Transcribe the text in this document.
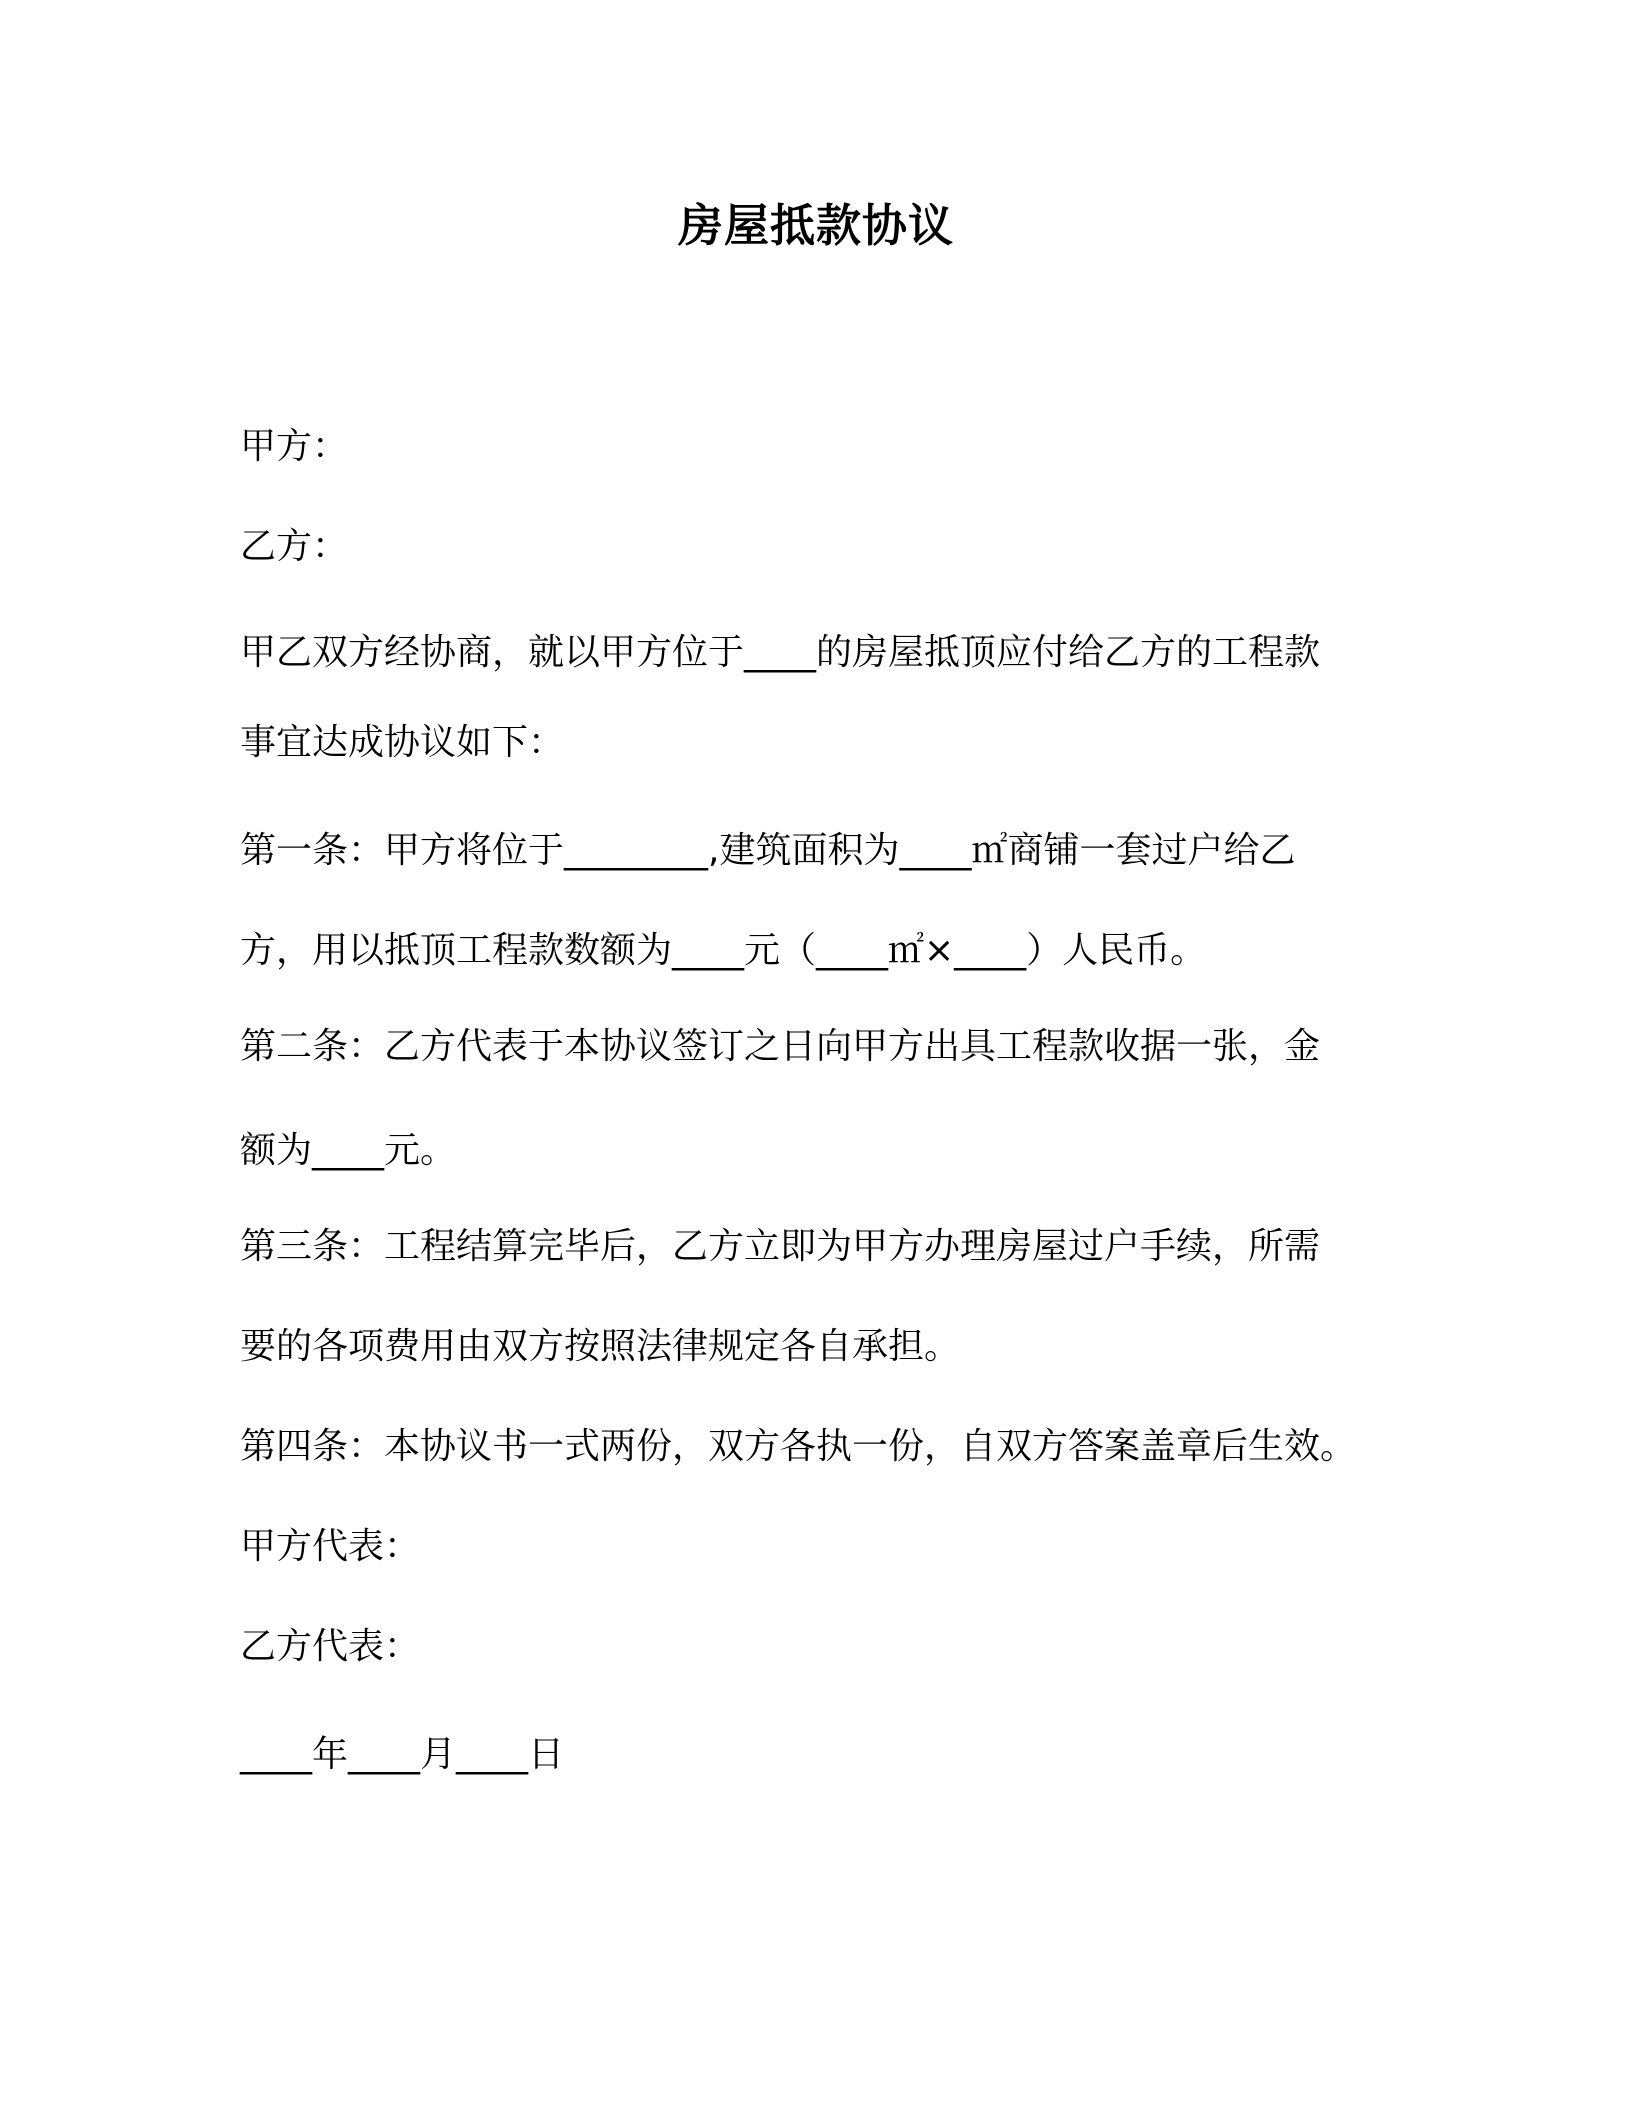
房屋抵款协议
甲方：
乙方：
甲乙双方经协商，就以甲方位于____的房屋抵顶应付给乙方的工程款
事宜达成协议如下：
第一条：甲方将位于________,建筑面积为____㎡商铺一套过户给乙
方，用以抵顶工程款数额为____元（____㎡×____）人民币。
第二条：乙方代表于本协议签订之日向甲方出具工程款收据一张，金
额为____元。
第三条：工程结算完毕后，乙方立即为甲方办理房屋过户手续，所需
要的各项费用由双方按照法律规定各自承担。
第四条：本协议书一式两份，双方各执一份，自双方答案盖章后生效。
甲方代表：
乙方代表：
____年____月____日
